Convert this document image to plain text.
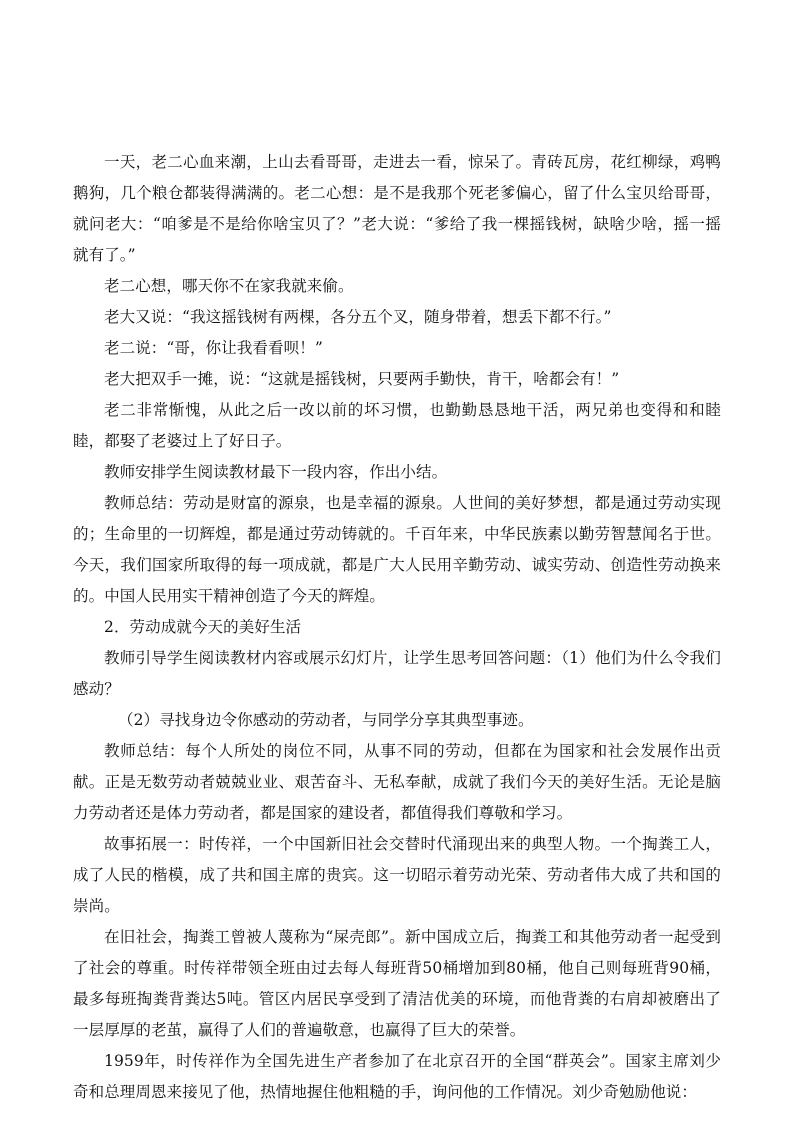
一天，老二心血来潮，上山去看哥哥，走进去一看，惊呆了。青砖瓦房，花红柳绿，鸡鸭鹅狗，几个粮仓都装得满满的。老二心想：是不是我那个死老爹偏心，留了什么宝贝给哥哥，就问老大：“咱爹是不是给你啥宝贝了？”老大说：“爹给了我一棵摇钱树，缺啥少啥，摇一摇就有了。”

老二心想，哪天你不在家我就来偷。

老大又说：“我这摇钱树有两棵，各分五个叉，随身带着，想丢下都不行。”

老二说：“哥，你让我看看呗！”

老大把双手一摊，说：“这就是摇钱树，只要两手勤快，肯干，啥都会有！”

老二非常惭愧，从此之后一改以前的坏习惯，也勤勤恳恳地干活，两兄弟也变得和和睦睦，都娶了老婆过上了好日子。

教师安排学生阅读教材最下一段内容，作出小结。

教师总结：劳动是财富的源泉，也是幸福的源泉。人世间的美好梦想，都是通过劳动实现的；生命里的一切辉煌，都是通过劳动铸就的。千百年来，中华民族素以勤劳智慧闻名于世。今天，我们国家所取得的每一项成就，都是广大人民用辛勤劳动、诚实劳动、创造性劳动换来的。中国人民用实干精神创造了今天的辉煌。

2．劳动成就今天的美好生活

教师引导学生阅读教材内容或展示幻灯片，让学生思考回答问题：（1）他们为什么令我们感动？

（2）寻找身边令你感动的劳动者，与同学分享其典型事迹。

教师总结：每个人所处的岗位不同，从事不同的劳动，但都在为国家和社会发展作出贡献。正是无数劳动者兢兢业业、艰苦奋斗、无私奉献，成就了我们今天的美好生活。无论是脑力劳动者还是体力劳动者，都是国家的建设者，都值得我们尊敬和学习。

故事拓展一：时传祥，一个中国新旧社会交替时代涌现出来的典型人物。一个掏粪工人，成了人民的楷模，成了共和国主席的贵宾。这一切昭示着劳动光荣、劳动者伟大成了共和国的崇尚。

在旧社会，掏粪工曾被人蔑称为“屎壳郎”。新中国成立后，掏粪工和其他劳动者一起受到了社会的尊重。时传祥带领全班由过去每人每班背50桶增加到80桶，他自己则每班背90桶，最多每班掏粪背粪达5吨。管区内居民享受到了清洁优美的环境，而他背粪的右肩却被磨出了一层厚厚的老茧，赢得了人们的普遍敬意，也赢得了巨大的荣誉。

1959年，时传祥作为全国先进生产者参加了在北京召开的全国“群英会”。国家主席刘少奇和总理周恩来接见了他，热情地握住他粗糙的手，询问他的工作情况。刘少奇勉励他说：
